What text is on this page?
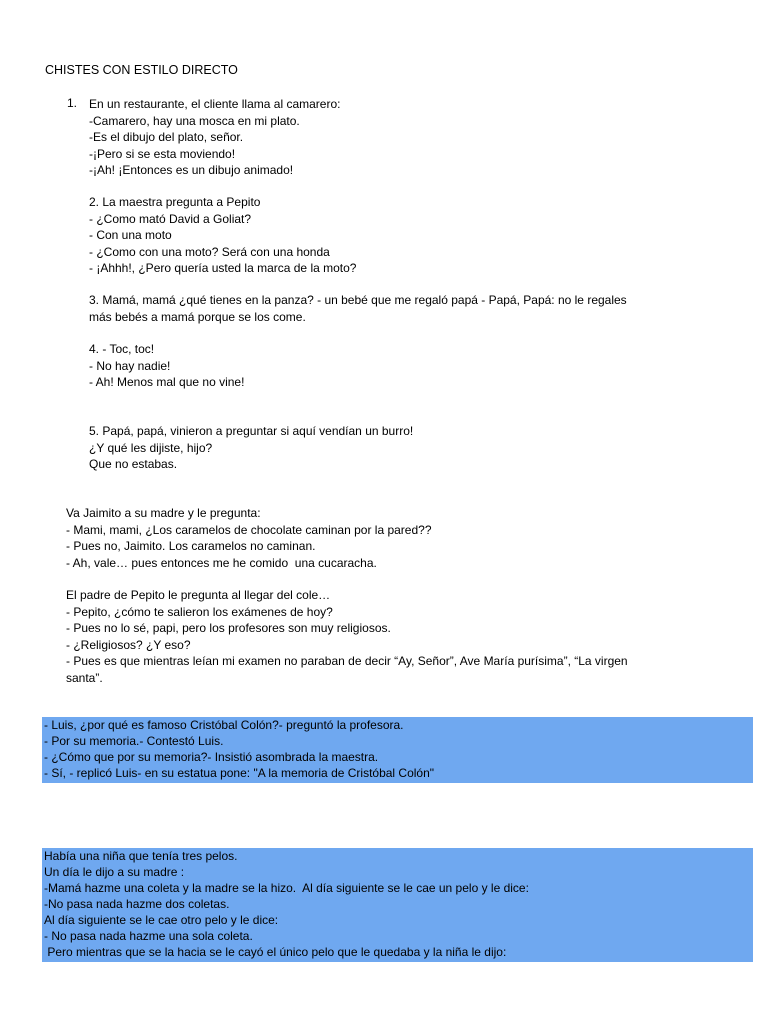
CHISTES CON ESTILO DIRECTO
1. En un restaurante, el cliente llama al camarero:
-Camarero, hay una mosca en mi plato.
-Es el dibujo del plato, señor.
-¡Pero si se esta moviendo!
-¡Ah! ¡Entonces es un dibujo animado!
2. La maestra pregunta a Pepito
- ¿Como mató David a Goliat?
- Con una moto
- ¿Como con una moto? Será con una honda
- ¡Ahhh!, ¿Pero quería usted la marca de la moto?
3. Mamá, mamá ¿qué tienes en la panza? - un bebé que me regaló papá - Papá, Papá: no le regales
más bebés a mamá porque se los come.
4. - Toc, toc!
- No hay nadie!
- Ah! Menos mal que no vine!
5. Papá, papá, vinieron a preguntar si aquí vendían un burro!
¿Y qué les dijiste, hijo?
Que no estabas.
Va Jaimito a su madre y le pregunta:
- Mami, mami, ¿Los caramelos de chocolate caminan por la pared??
- Pues no, Jaimito. Los caramelos no caminan.
- Ah, vale… pues entonces me he comido  una cucaracha.
El padre de Pepito le pregunta al llegar del cole…
- Pepito, ¿cómo te salieron los exámenes de hoy?
- Pues no lo sé, papi, pero los profesores son muy religiosos.
- ¿Religiosos? ¿Y eso?
- Pues es que mientras leían mi examen no paraban de decir “Ay, Señor”, Ave María purísima”, “La virgen
santa”.
- Luis, ¿por qué es famoso Cristóbal Colón?- preguntó la profesora.
- Por su memoria.- Contestó Luis.
- ¿Cómo que por su memoria?- Insistió asombrada la maestra.
- Sí, - replicó Luis- en su estatua pone: "A la memoria de Cristóbal Colón"
Había una niña que tenía tres pelos.
Un día le dijo a su madre :
-Mamá hazme una coleta y la madre se la hizo.  Al día siguiente se le cae un pelo y le dice:
-No pasa nada hazme dos coletas.
Al día siguiente se le cae otro pelo y le dice:
- No pasa nada hazme una sola coleta.
Pero mientras que se la hacia se le cayó el único pelo que le quedaba y la niña le dijo:
